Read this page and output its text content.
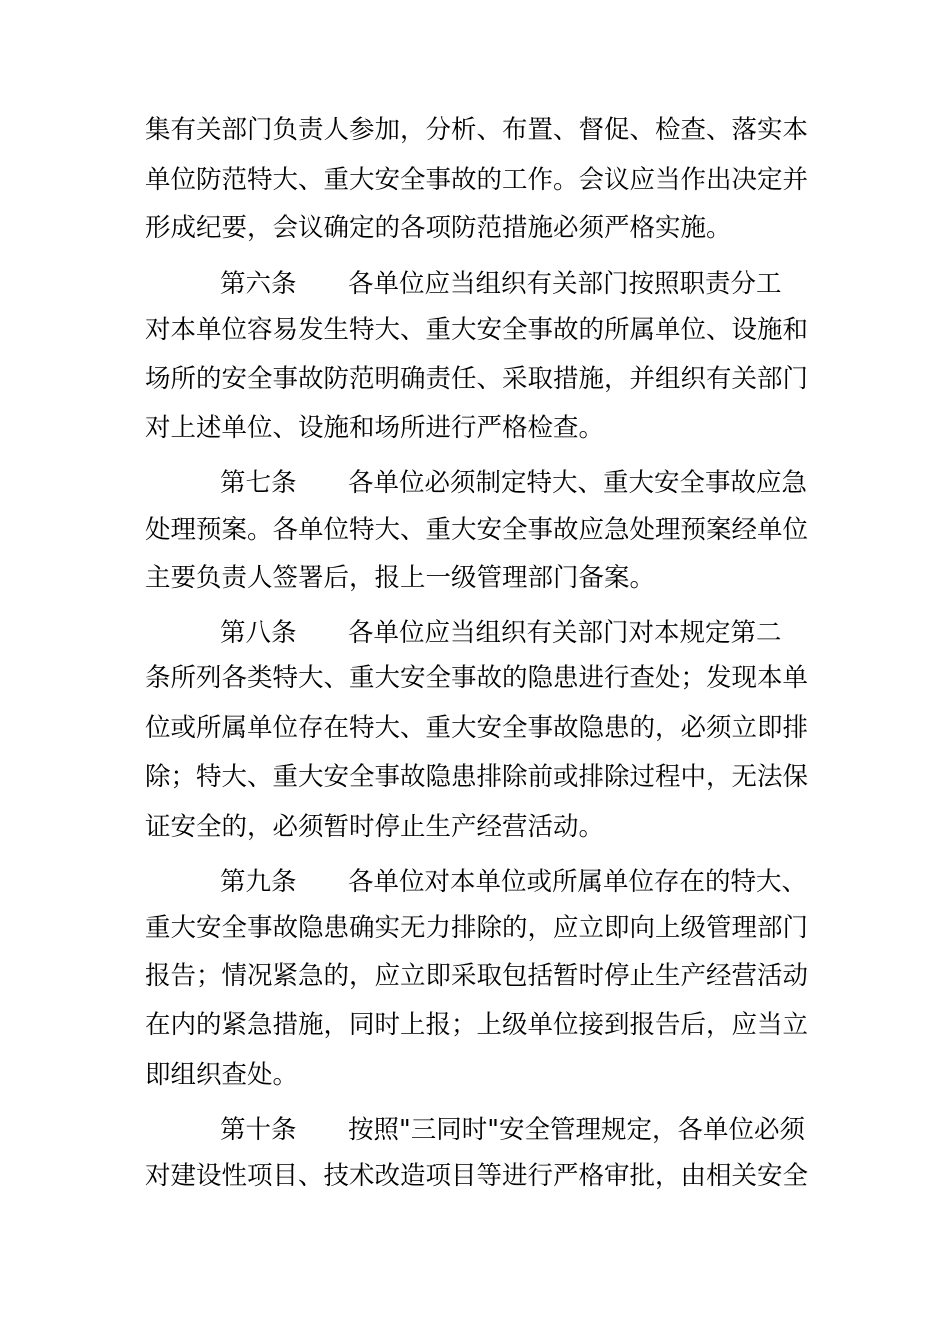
集有关部门负责人参加，分析、布置、督促、检查、落实本
单位防范特大、重大安全事故的工作。会议应当作出决定并
形成纪要，会议确定的各项防范措施必须严格实施。
第六条 各单位应当组织有关部门按照职责分工
对本单位容易发生特大、重大安全事故的所属单位、设施和
场所的安全事故防范明确责任、采取措施，并组织有关部门
对上述单位、设施和场所进行严格检查。
第七条 各单位必须制定特大、重大安全事故应急
处理预案。各单位特大、重大安全事故应急处理预案经单位
主要负责人签署后，报上一级管理部门备案。
第八条 各单位应当组织有关部门对本规定第二
条所列各类特大、重大安全事故的隐患进行查处；发现本单
位或所属单位存在特大、重大安全事故隐患的，必须立即排
除；特大、重大安全事故隐患排除前或排除过程中，无法保
证安全的，必须暂时停止生产经营活动。
第九条 各单位对本单位或所属单位存在的特大、
重大安全事故隐患确实无力排除的，应立即向上级管理部门
报告；情况紧急的，应立即采取包括暂时停止生产经营活动
在内的紧急措施，同时上报；上级单位接到报告后，应当立
即组织查处。
第十条 按照"三同时"安全管理规定，各单位必须
对建设性项目、技术改造项目等进行严格审批，由相关安全
